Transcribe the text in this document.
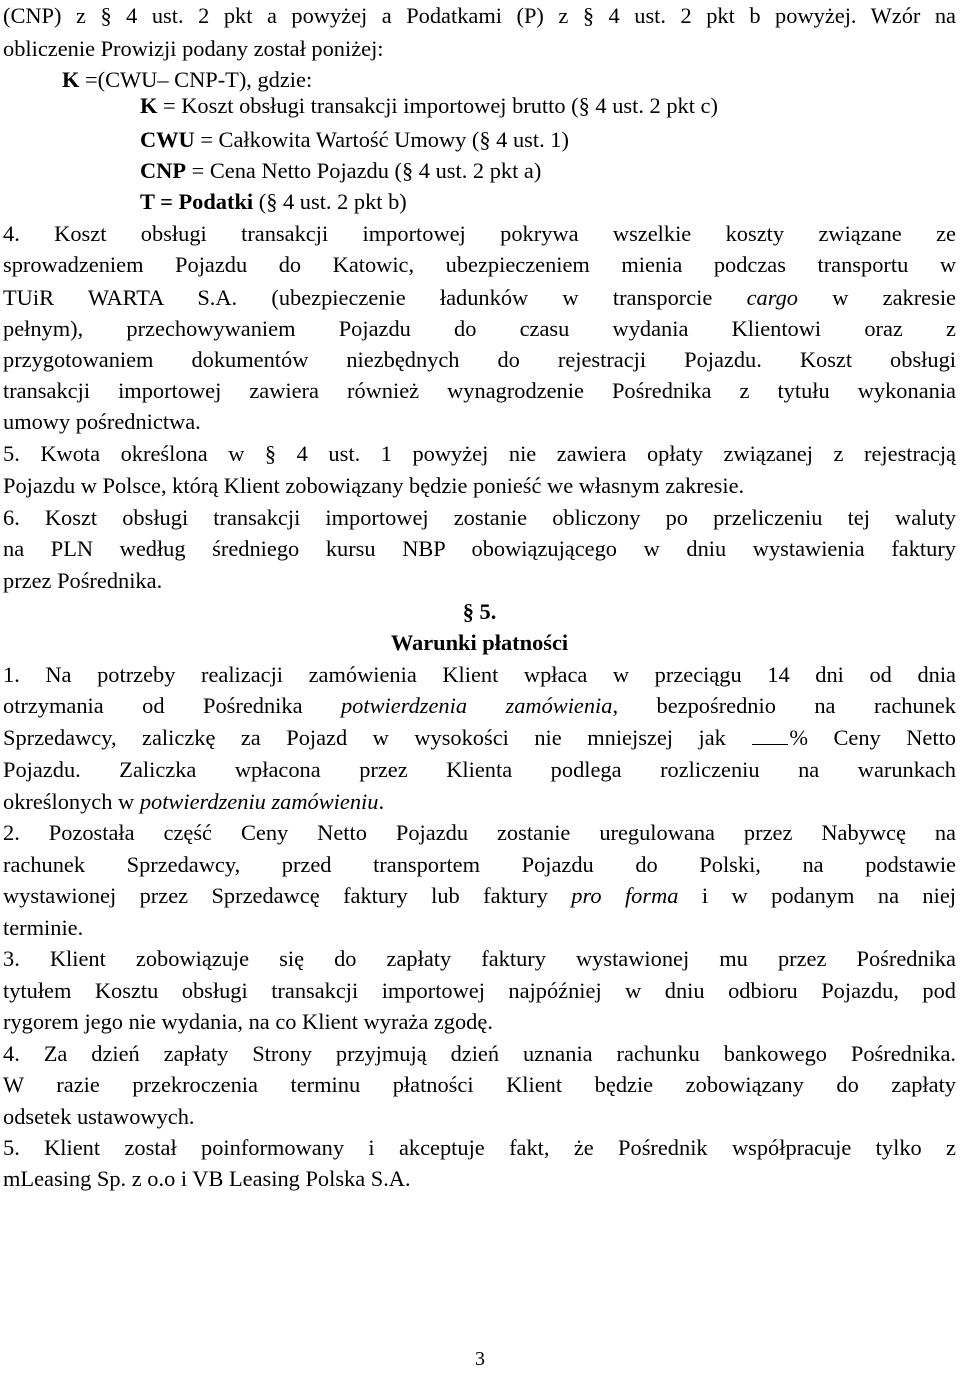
(CNP) z § 4 ust. 2 pkt a powyżej a Podatkami (P) z § 4 ust. 2 pkt b powyżej. Wzór na
obliczenie Prowizji podany został poniżej:
K =(CWU– CNP-T), gdzie:
K = Koszt obsługi transakcji importowej brutto (§ 4 ust. 2 pkt c)
CWU = Całkowita Wartość Umowy (§ 4 ust. 1)
CNP = Cena Netto Pojazdu (§ 4 ust. 2 pkt a)
T = Podatki (§ 4 ust. 2 pkt b)
4. Koszt obsługi transakcji importowej pokrywa wszelkie koszty związane ze
sprowadzeniem Pojazdu do Katowic, ubezpieczeniem mienia podczas transportu w
TUiR WARTA S.A. (ubezpieczenie ładunków w transporcie cargo w zakresie
pełnym), przechowywaniem Pojazdu do czasu wydania Klientowi oraz z
przygotowaniem dokumentów niezbędnych do rejestracji Pojazdu. Koszt obsługi
transakcji importowej zawiera również wynagrodzenie Pośrednika z tytułu wykonania
umowy pośrednictwa.
5. Kwota określona w § 4 ust. 1 powyżej nie zawiera opłaty związanej z rejestracją
Pojazdu w Polsce, którą Klient zobowiązany będzie ponieść we własnym zakresie.
6. Koszt obsługi transakcji importowej zostanie obliczony po przeliczeniu tej waluty
na PLN według średniego kursu NBP obowiązującego w dniu wystawienia faktury
przez Pośrednika.
§ 5.
Warunki płatności
1. Na potrzeby realizacji zamówienia Klient wpłaca w przeciągu 14 dni od dnia
otrzymania od Pośrednika potwierdzenia zamówienia, bezpośrednio na rachunek
Sprzedawcy, zaliczkę za Pojazd w wysokości nie mniejszej jak % Ceny Netto
Pojazdu. Zaliczka wpłacona przez Klienta podlega rozliczeniu na warunkach
określonych w potwierdzeniu zamówieniu.
2. Pozostała część Ceny Netto Pojazdu zostanie uregulowana przez Nabywcę na
rachunek Sprzedawcy, przed transportem Pojazdu do Polski, na podstawie
wystawionej przez Sprzedawcę faktury lub faktury pro forma i w podanym na niej
terminie.
3. Klient zobowiązuje się do zapłaty faktury wystawionej mu przez Pośrednika
tytułem Kosztu obsługi transakcji importowej najpóźniej w dniu odbioru Pojazdu, pod
rygorem jego nie wydania, na co Klient wyraża zgodę.
4. Za dzień zapłaty Strony przyjmują dzień uznania rachunku bankowego Pośrednika.
W razie przekroczenia terminu płatności Klient będzie zobowiązany do zapłaty
odsetek ustawowych.
5. Klient został poinformowany i akceptuje fakt, że Pośrednik współpracuje tylko z
mLeasing Sp. z o.o i VB Leasing Polska S.A.
3
